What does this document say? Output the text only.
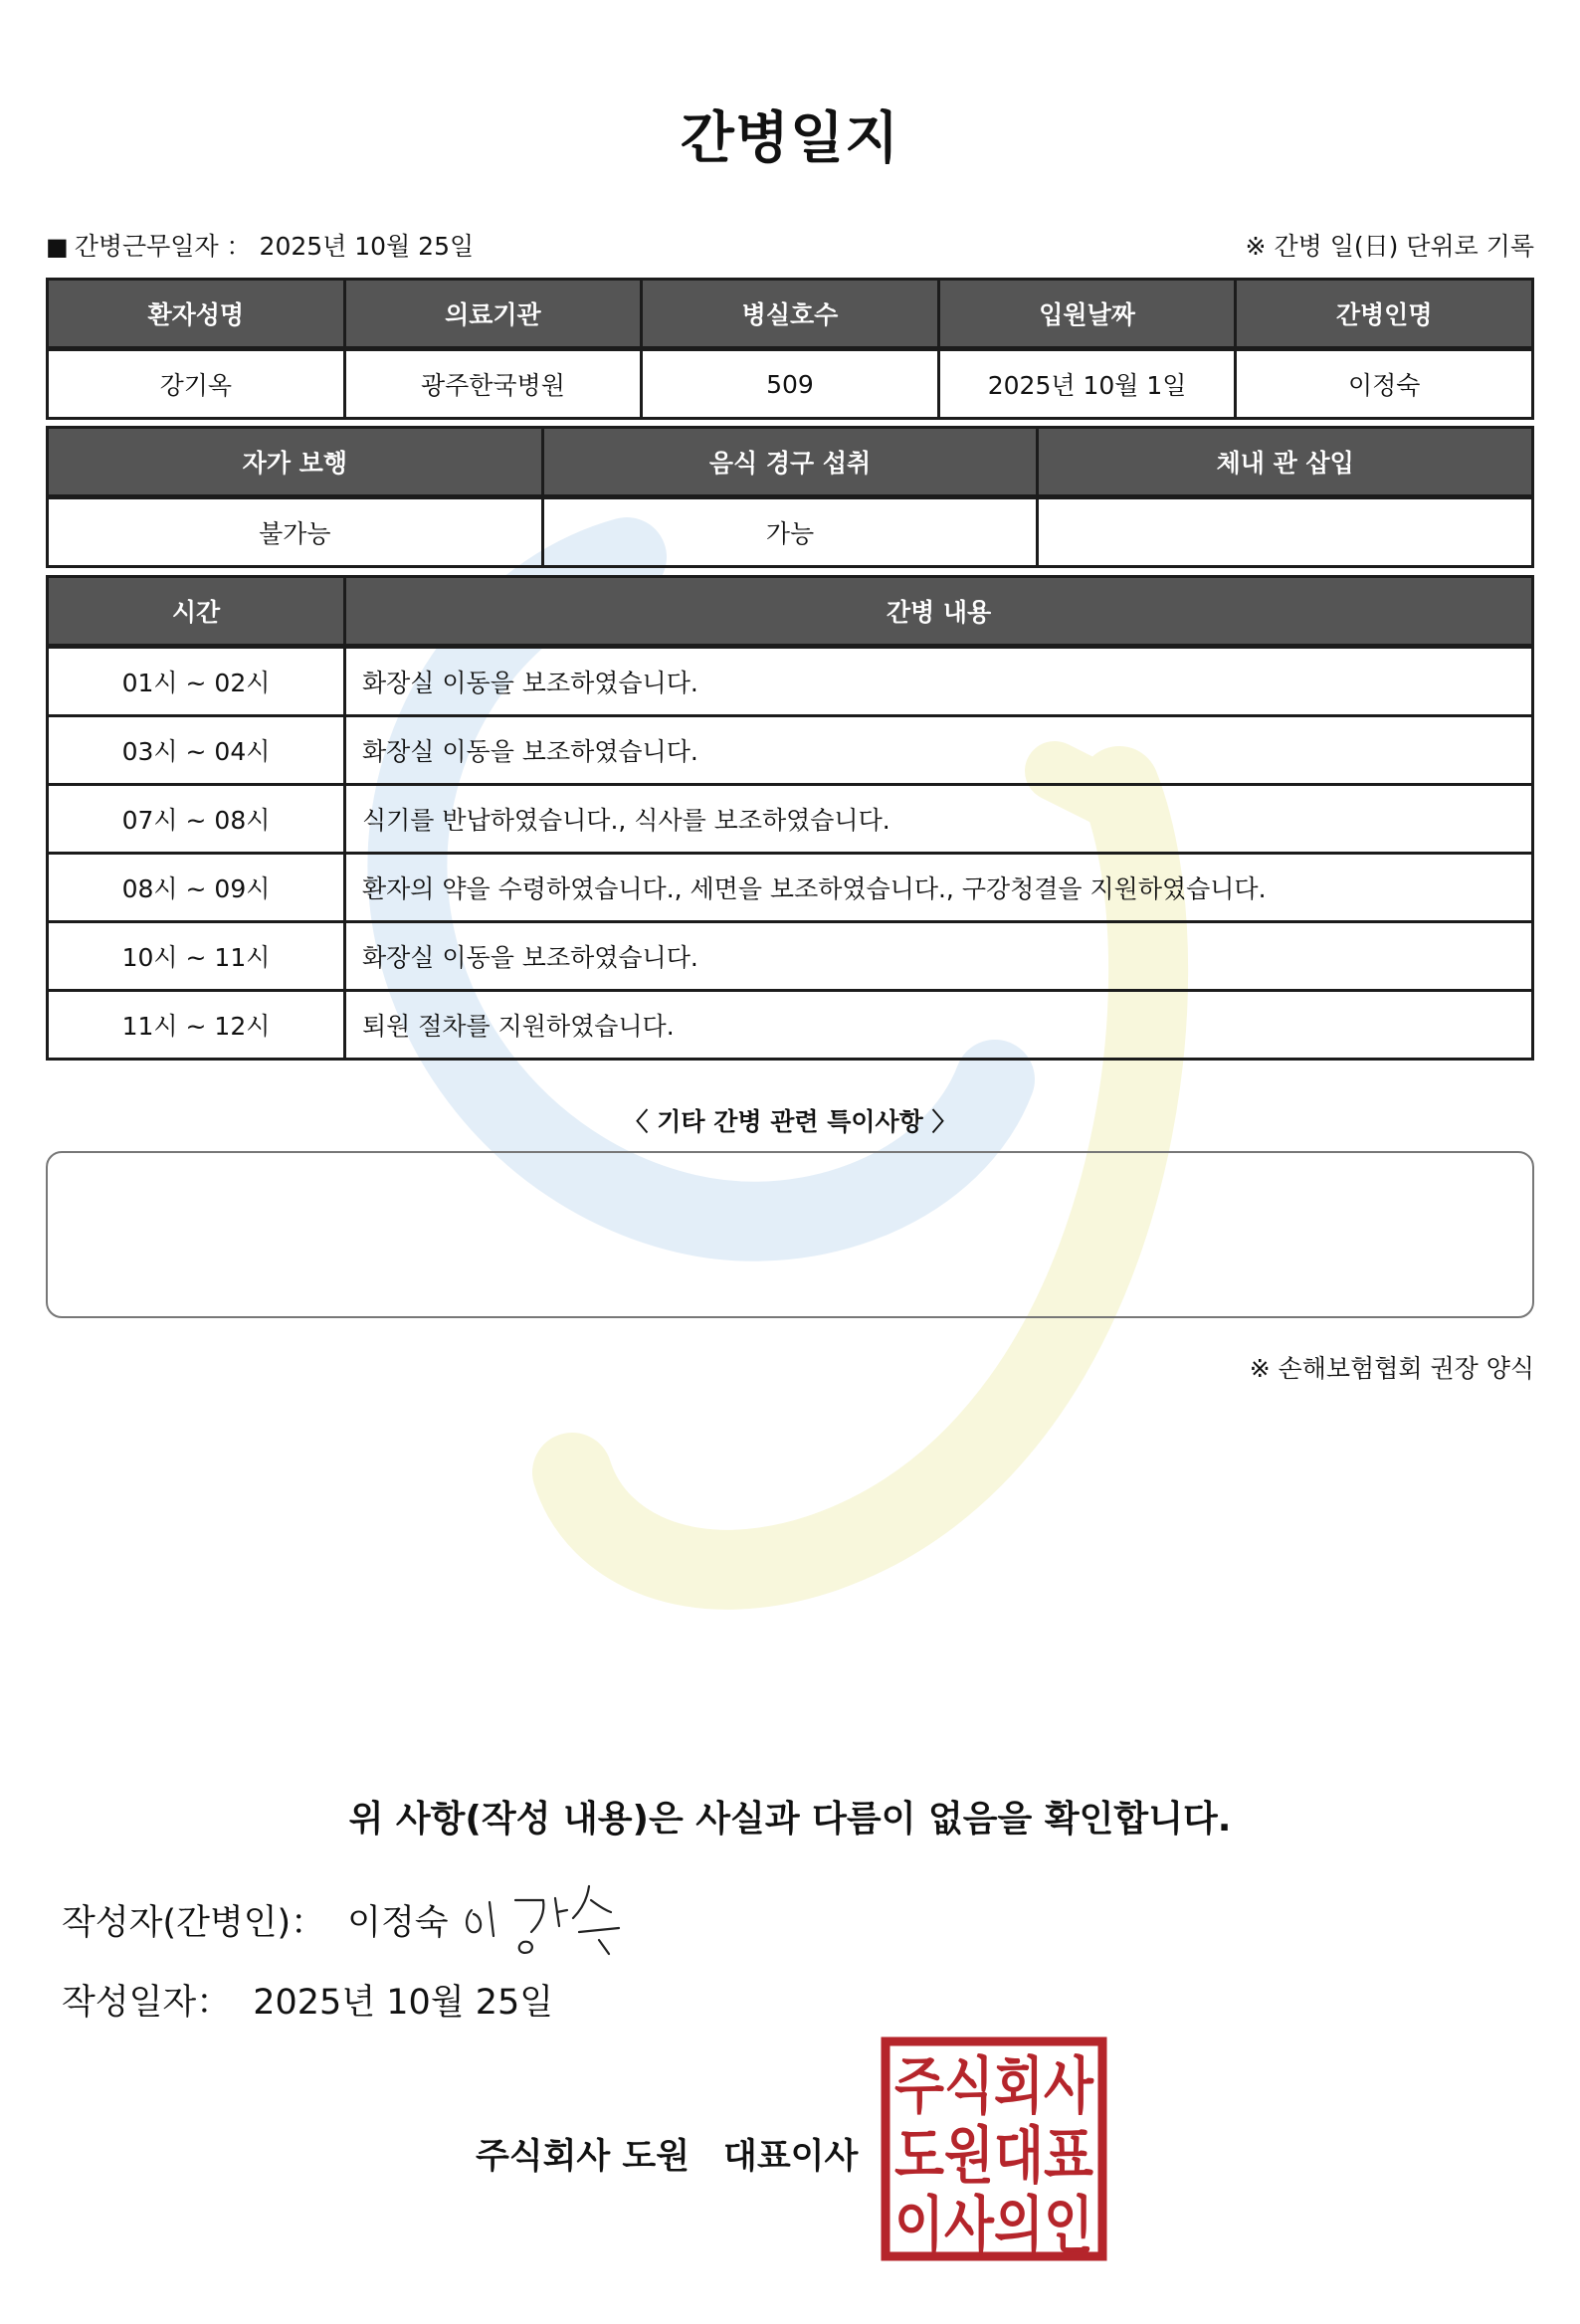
간병일지
■ 간병근무일자 ： 2025년 10월 25일	※ 간병 일(日) 단위로 기록
환자성명	의료기관	병실호수	입원날짜	간병인명
강기옥	광주한국병원	509	2025년 10월 1일	이정숙
자가 보행	음식 경구 섭취	체내 관 삽입
불가능	가능	
시간	간병 내용
01시 ~ 02시	화장실 이동을 보조하였습니다.
03시 ~ 04시	화장실 이동을 보조하였습니다.
07시 ~ 08시	식기를 반납하였습니다., 식사를 보조하였습니다.
08시 ~ 09시	환자의 약을 수령하였습니다., 세면을 보조하였습니다., 구강청결을 지원하였습니다.
10시 ~ 11시	화장실 이동을 보조하였습니다.
11시 ~ 12시	퇴원 절차를 지원하였습니다.
〈 기타 간병 관련 특이사항 〉
※ 손해보험협회 권장 양식
위 사항(작성 내용)은 사실과 다름이 없음을 확인합니다.
작성자(간병인)： 이정숙
작성일자： 2025년 10월 25일
주식회사 도원 대표이사
주식회사
도원대표
이사의인
